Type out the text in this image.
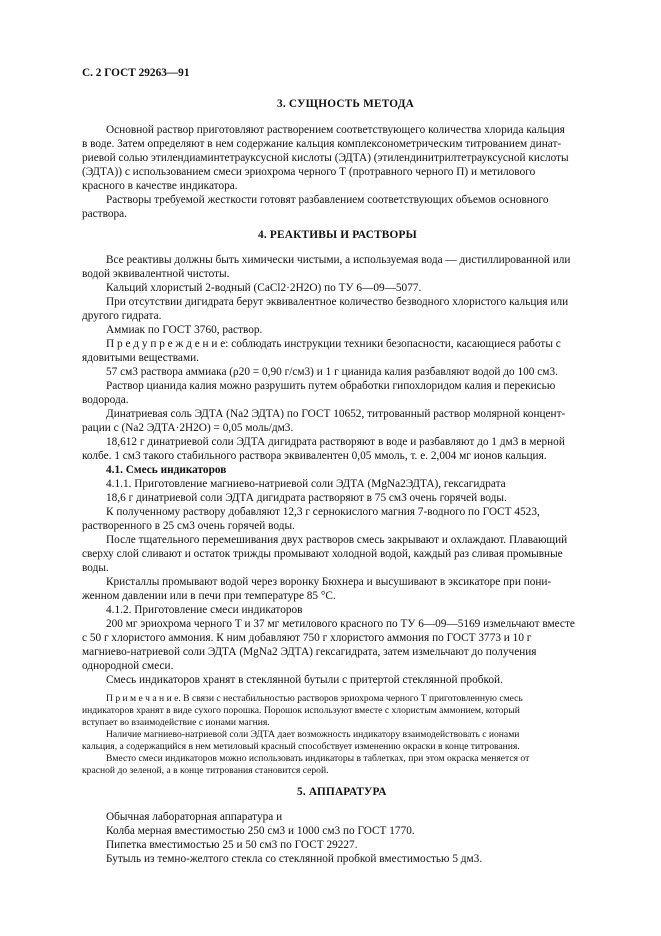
С. 2 ГОСТ 29263—91
3. СУЩНОСТЬ МЕТОДА
Основной раствор приготовляют растворением соответствующего количества хлорида кальция
в воде. Затем определяют в нем содержание кальция комплексонометрическим титрованием динат-
риевой солью этилендиаминтетрауксусной кислоты (ЭДТА) (этилендинитрилтетрауксусной кислоты
(ЭДТА)) с использованием смеси эриохрома черного Т (протравного черного П) и метилового
красного в качестве индикатора.
Растворы требуемой жесткости готовят разбавлением соответствующих объемов основного
раствора.
4. РЕАКТИВЫ И РАСТВОРЫ
Все реактивы должны быть химически чистыми, а используемая вода — дистиллированной или
водой эквивалентной чистоты.
Кальций хлористый 2-водный (CaCl2·2H2O) по ТУ 6—09—5077.
При отсутствии дигидрата берут эквивалентное количество безводного хлористого кальция или
другого гидрата.
Аммиак по ГОСТ 3760, раствор.
П р е д у п р е ж д е н и е: соблюдать инструкции техники безопасности, касающиеся работы с
ядовитыми веществами.
57 см3 раствора аммиака (ρ20 = 0,90 г/см3) и 1 г цианида калия разбавляют водой до 100 см3.
Раствор цианида калия можно разрушить путем обработки гипохлоридом калия и перекисью
водорода.
Динатриевая соль ЭДТА (Na2 ЭДТА) по ГОСТ 10652, титрованный раствор молярной концент-
рации с (Na2 ЭДТА·2H2O) = 0,05 моль/дм3.
18,612 г динатриевой соли ЭДТА дигидрата растворяют в воде и разбавляют до 1 дм3 в мерной
колбе. 1 см3 такого стабильного раствора эквивалентен 0,05 ммоль, т. е. 2,004 мг ионов кальция.
4.1. Смесь индикаторов
4.1.1. Приготовление магниево-натриевой соли ЭДТА (MgNa2ЭДТА), гексагидрата
18,6 г динатриевой соли ЭДТА дигидрата растворяют в 75 см3 очень горячей воды.
К полученному раствору добавляют 12,3 г сернокислого магния 7-водного по ГОСТ 4523,
растворенного в 25 см3 очень горячей воды.
После тщательного перемешивания двух растворов смесь закрывают и охлаждают. Плавающий
сверху слой сливают и остаток трижды промывают холодной водой, каждый раз сливая промывные
воды.
Кристаллы промывают водой через воронку Бюхнера и высушивают в эксикаторе при пони-
женном давлении или в печи при температуре 85 °С.
4.1.2. Приготовление смеси индикаторов
200 мг эриохрома черного Т и 37 мг метилового красного по ТУ 6—09—5169 измельчают вместе
с 50 г хлористого аммония. К ним добавляют 750 г хлористого аммония по ГОСТ 3773 и 10 г
магниево-натриевой соли ЭДТА (MgNa2 ЭДТА) гексагидрата, затем измельчают до получения
однородной смеси.
Смесь индикаторов хранят в стеклянной бутыли с притертой стеклянной пробкой.
П р и м е ч а н и е. В связи с нестабильностью растворов эриохрома черного Т приготовленную смесь
индикаторов хранят в виде сухого порошка. Порошок используют вместе с хлористым аммонием, который
вступает во взаимодействие с ионами магния.
Наличие магниево-натриевой соли ЭДТА дает возможность индикатору взаимодействовать с ионами
кальция, а содержащийся в нем метиловый красный способствует изменению окраски в конце титрования.
Вместо смеси индикаторов можно использовать индикаторы в таблетках, при этом окраска меняется от
красной до зеленой, а в конце титрования становится серой.
5. АППАРАТУРА
Обычная лабораторная аппаратура и
Колба мерная вместимостью 250 см3 и 1000 см3 по ГОСТ 1770.
Пипетка вместимостью 25 и 50 см3 по ГОСТ 29227.
Бутыль из темно-желтого стекла со стеклянной пробкой вместимостью 5 дм3.
